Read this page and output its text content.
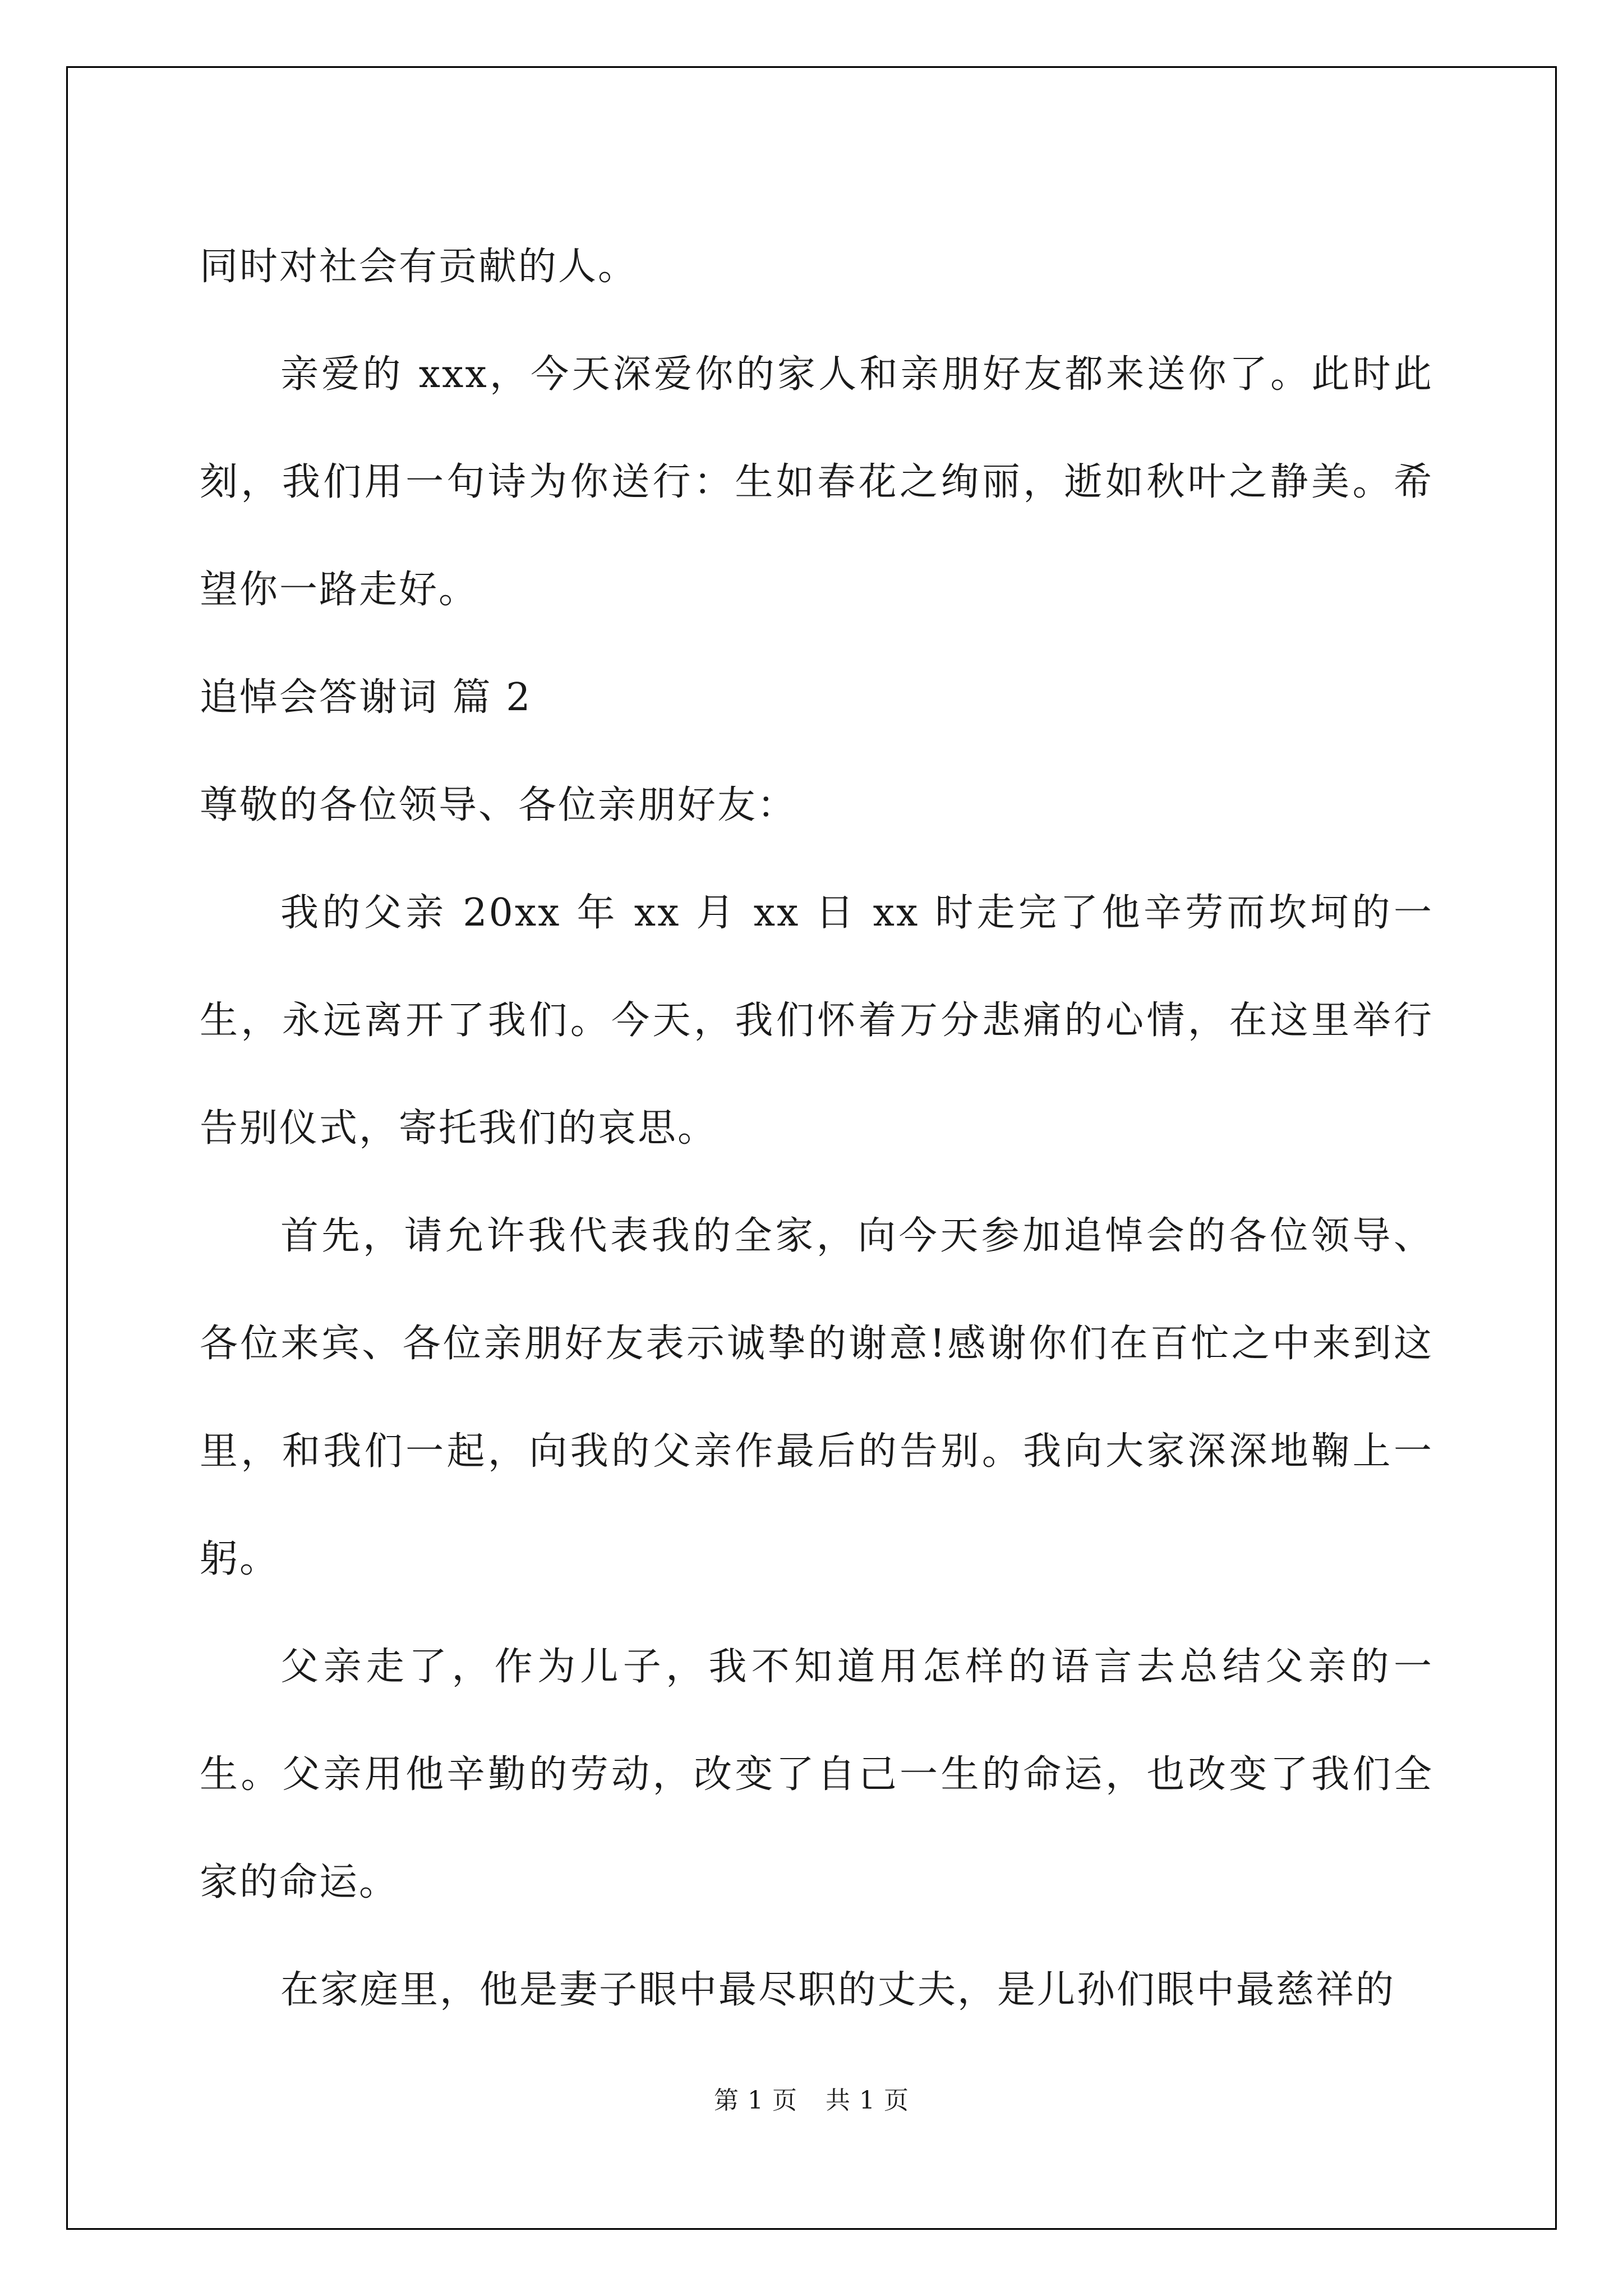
同时对社会有贡献的人。

亲爱的 xxx，今天深爱你的家人和亲朋好友都来送你了。此时此刻，我们用一句诗为你送行：生如春花之绚丽，逝如秋叶之静美。希望你一路走好。

追悼会答谢词 篇 2

尊敬的各位领导、各位亲朋好友：

我的父亲 20xx 年 xx 月 xx 日 xx 时走完了他辛劳而坎坷的一生，永远离开了我们。今天，我们怀着万分悲痛的心情，在这里举行告别仪式，寄托我们的哀思。

首先，请允许我代表我的全家，向今天参加追悼会的各位领导、各位来宾、各位亲朋好友表示诚挚的谢意!感谢你们在百忙之中来到这里，和我们一起，向我的父亲作最后的告别。我向大家深深地鞠上一躬。

父亲走了，作为儿子，我不知道用怎样的语言去总结父亲的一生。父亲用他辛勤的劳动，改变了自己一生的命运，也改变了我们全家的命运。

在家庭里，他是妻子眼中最尽职的丈夫，是儿孙们眼中最慈祥的

第 1 页 共 1 页
